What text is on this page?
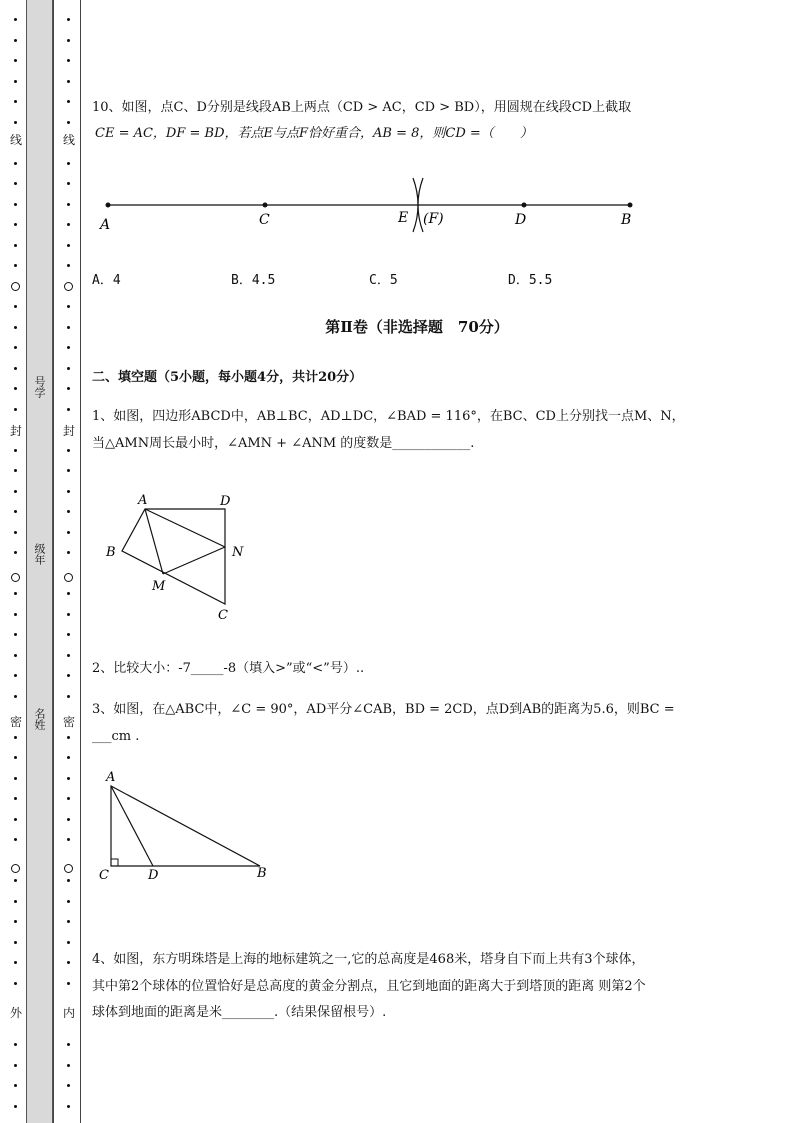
线
封
密
外
号学
级年
名姓
线
封
密
内
10、如图，点C、D分别是线段AB上两点（CD > AC，CD > BD），用圆规在线段CD上截取
CE = AC，DF = BD，若点E与点F恰好重合，AB = 8，则CD =（　　）
A	C	E (F)	D	B
A．4	B．4.5	C．5	D．5.5
第Ⅱ卷（非选择题　70分）
二、填空题（5小题，每小题4分，共计20分）
1、如图，四边形ABCD中，AB⊥BC，AD⊥DC，∠BAD = 116°，在BC、CD上分别找一点M、N，
当△AMN周长最小时，∠AMN + ∠ANM 的度数是____________.
A	D
B	N
M
C
2、比较大小：-7_____-8（填入>”或“<”号）..
3、如图，在△ABC中，∠C = 90°，AD平分∠CAB，BD = 2CD，点D到AB的距离为5.6，则BC =
___cm .
A
C	D	B
4、如图，东方明珠塔是上海的地标建筑之一,它的总高度是468米，塔身自下而上共有3个球体，
其中第2个球体的位置恰好是总高度的黄金分割点，且它到地面的距离大于到塔顶的距离 则第2个
球体到地面的距离是米________.（结果保留根号）.
